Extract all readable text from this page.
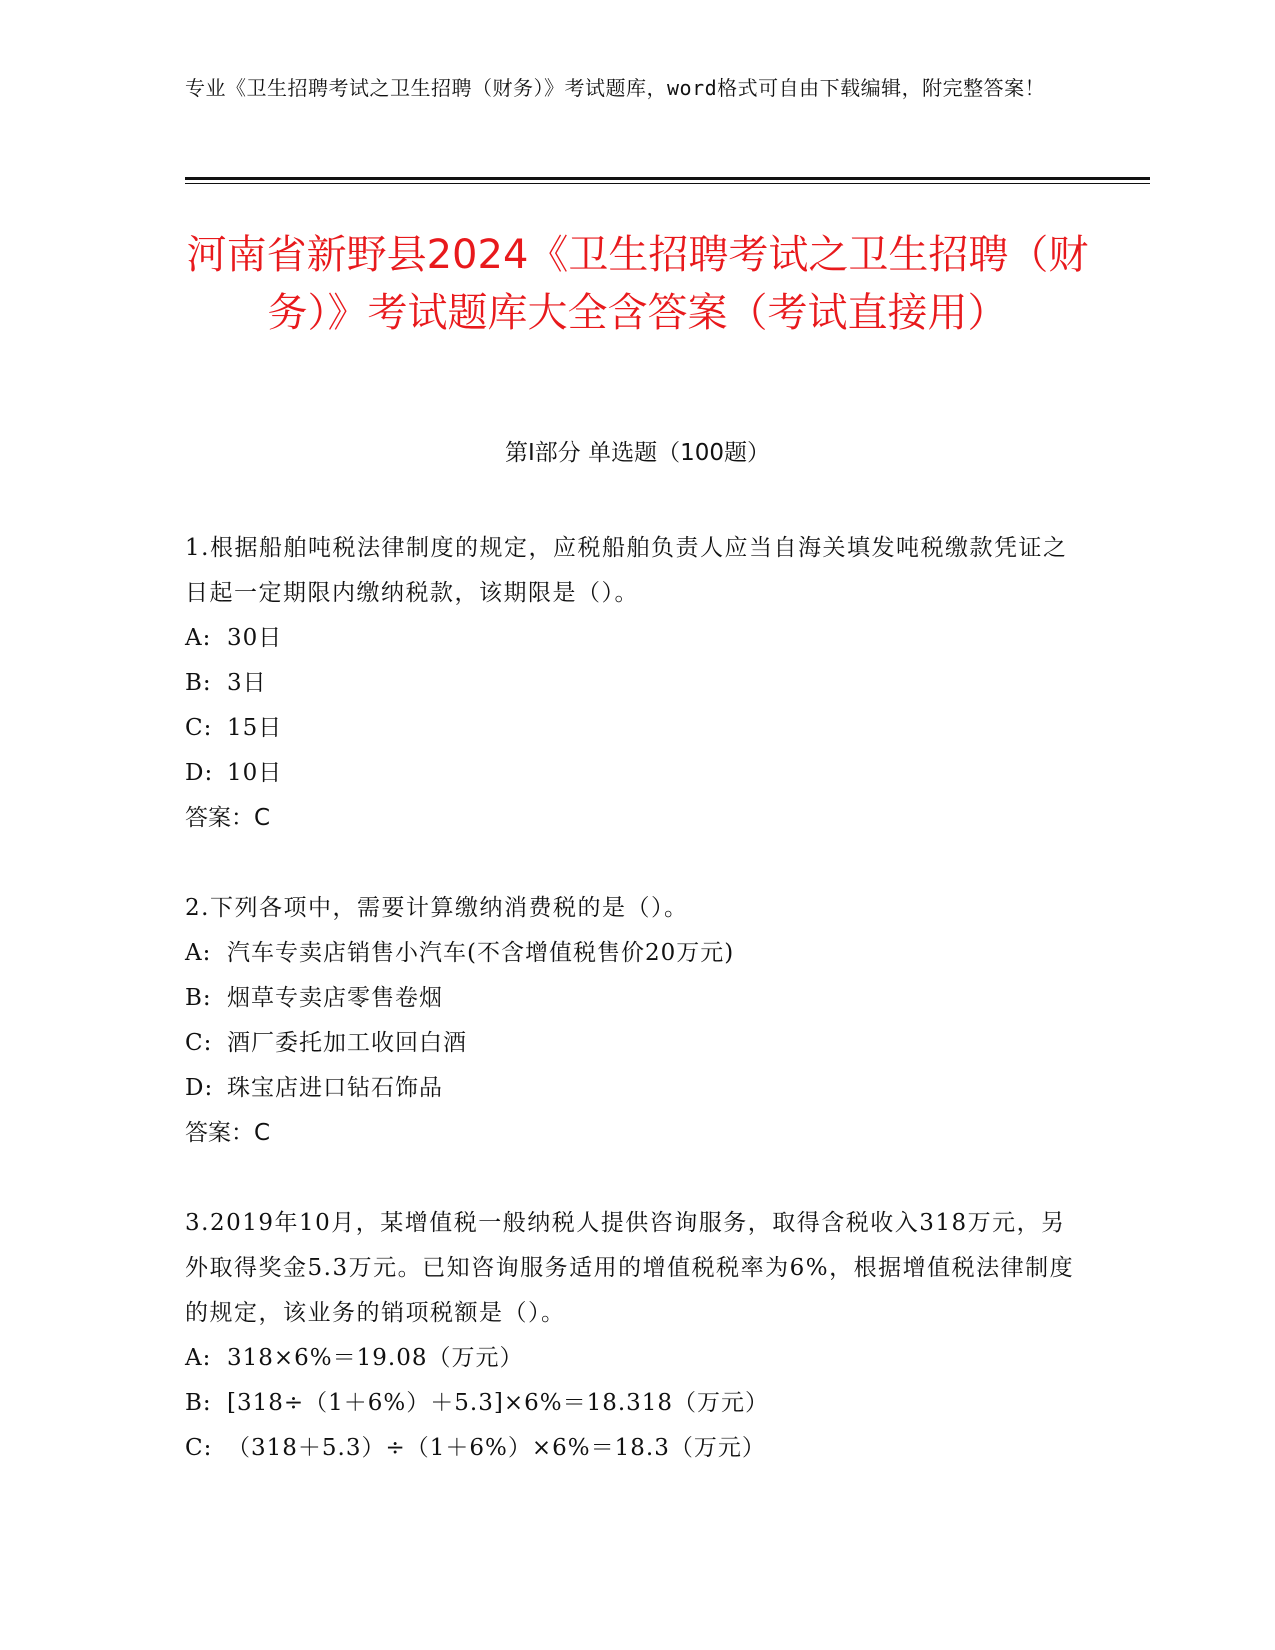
专业《卫生招聘考试之卫生招聘（财务）》考试题库，word格式可自由下载编辑，附完整答案！
河南省新野县2024《卫生招聘考试之卫生招聘（财务）》考试题库大全含答案（考试直接用）
第I部分 单选题（100题）
1.根据船舶吨税法律制度的规定，应税船舶负责人应当自海关填发吨税缴款凭证之日起一定期限内缴纳税款，该期限是（）。
A: 30日
B: 3日
C: 15日
D: 10日
答案：C
2.下列各项中，需要计算缴纳消费税的是（）。
A: 汽车专卖店销售小汽车(不含增值税售价20万元)
B: 烟草专卖店零售卷烟
C: 酒厂委托加工收回白酒
D: 珠宝店进口钻石饰品
答案：C
3.2019年10月，某增值税一般纳税人提供咨询服务，取得含税收入318万元，另外取得奖金5.3万元。已知咨询服务适用的增值税税率为6%，根据增值税法律制度的规定，该业务的销项税额是（）。
A: 318×6%＝19.08（万元）
B: [318÷（1＋6%）＋5.3]×6%＝18.318（万元）
C: （318＋5.3）÷（1＋6%）×6%＝18.3（万元）
